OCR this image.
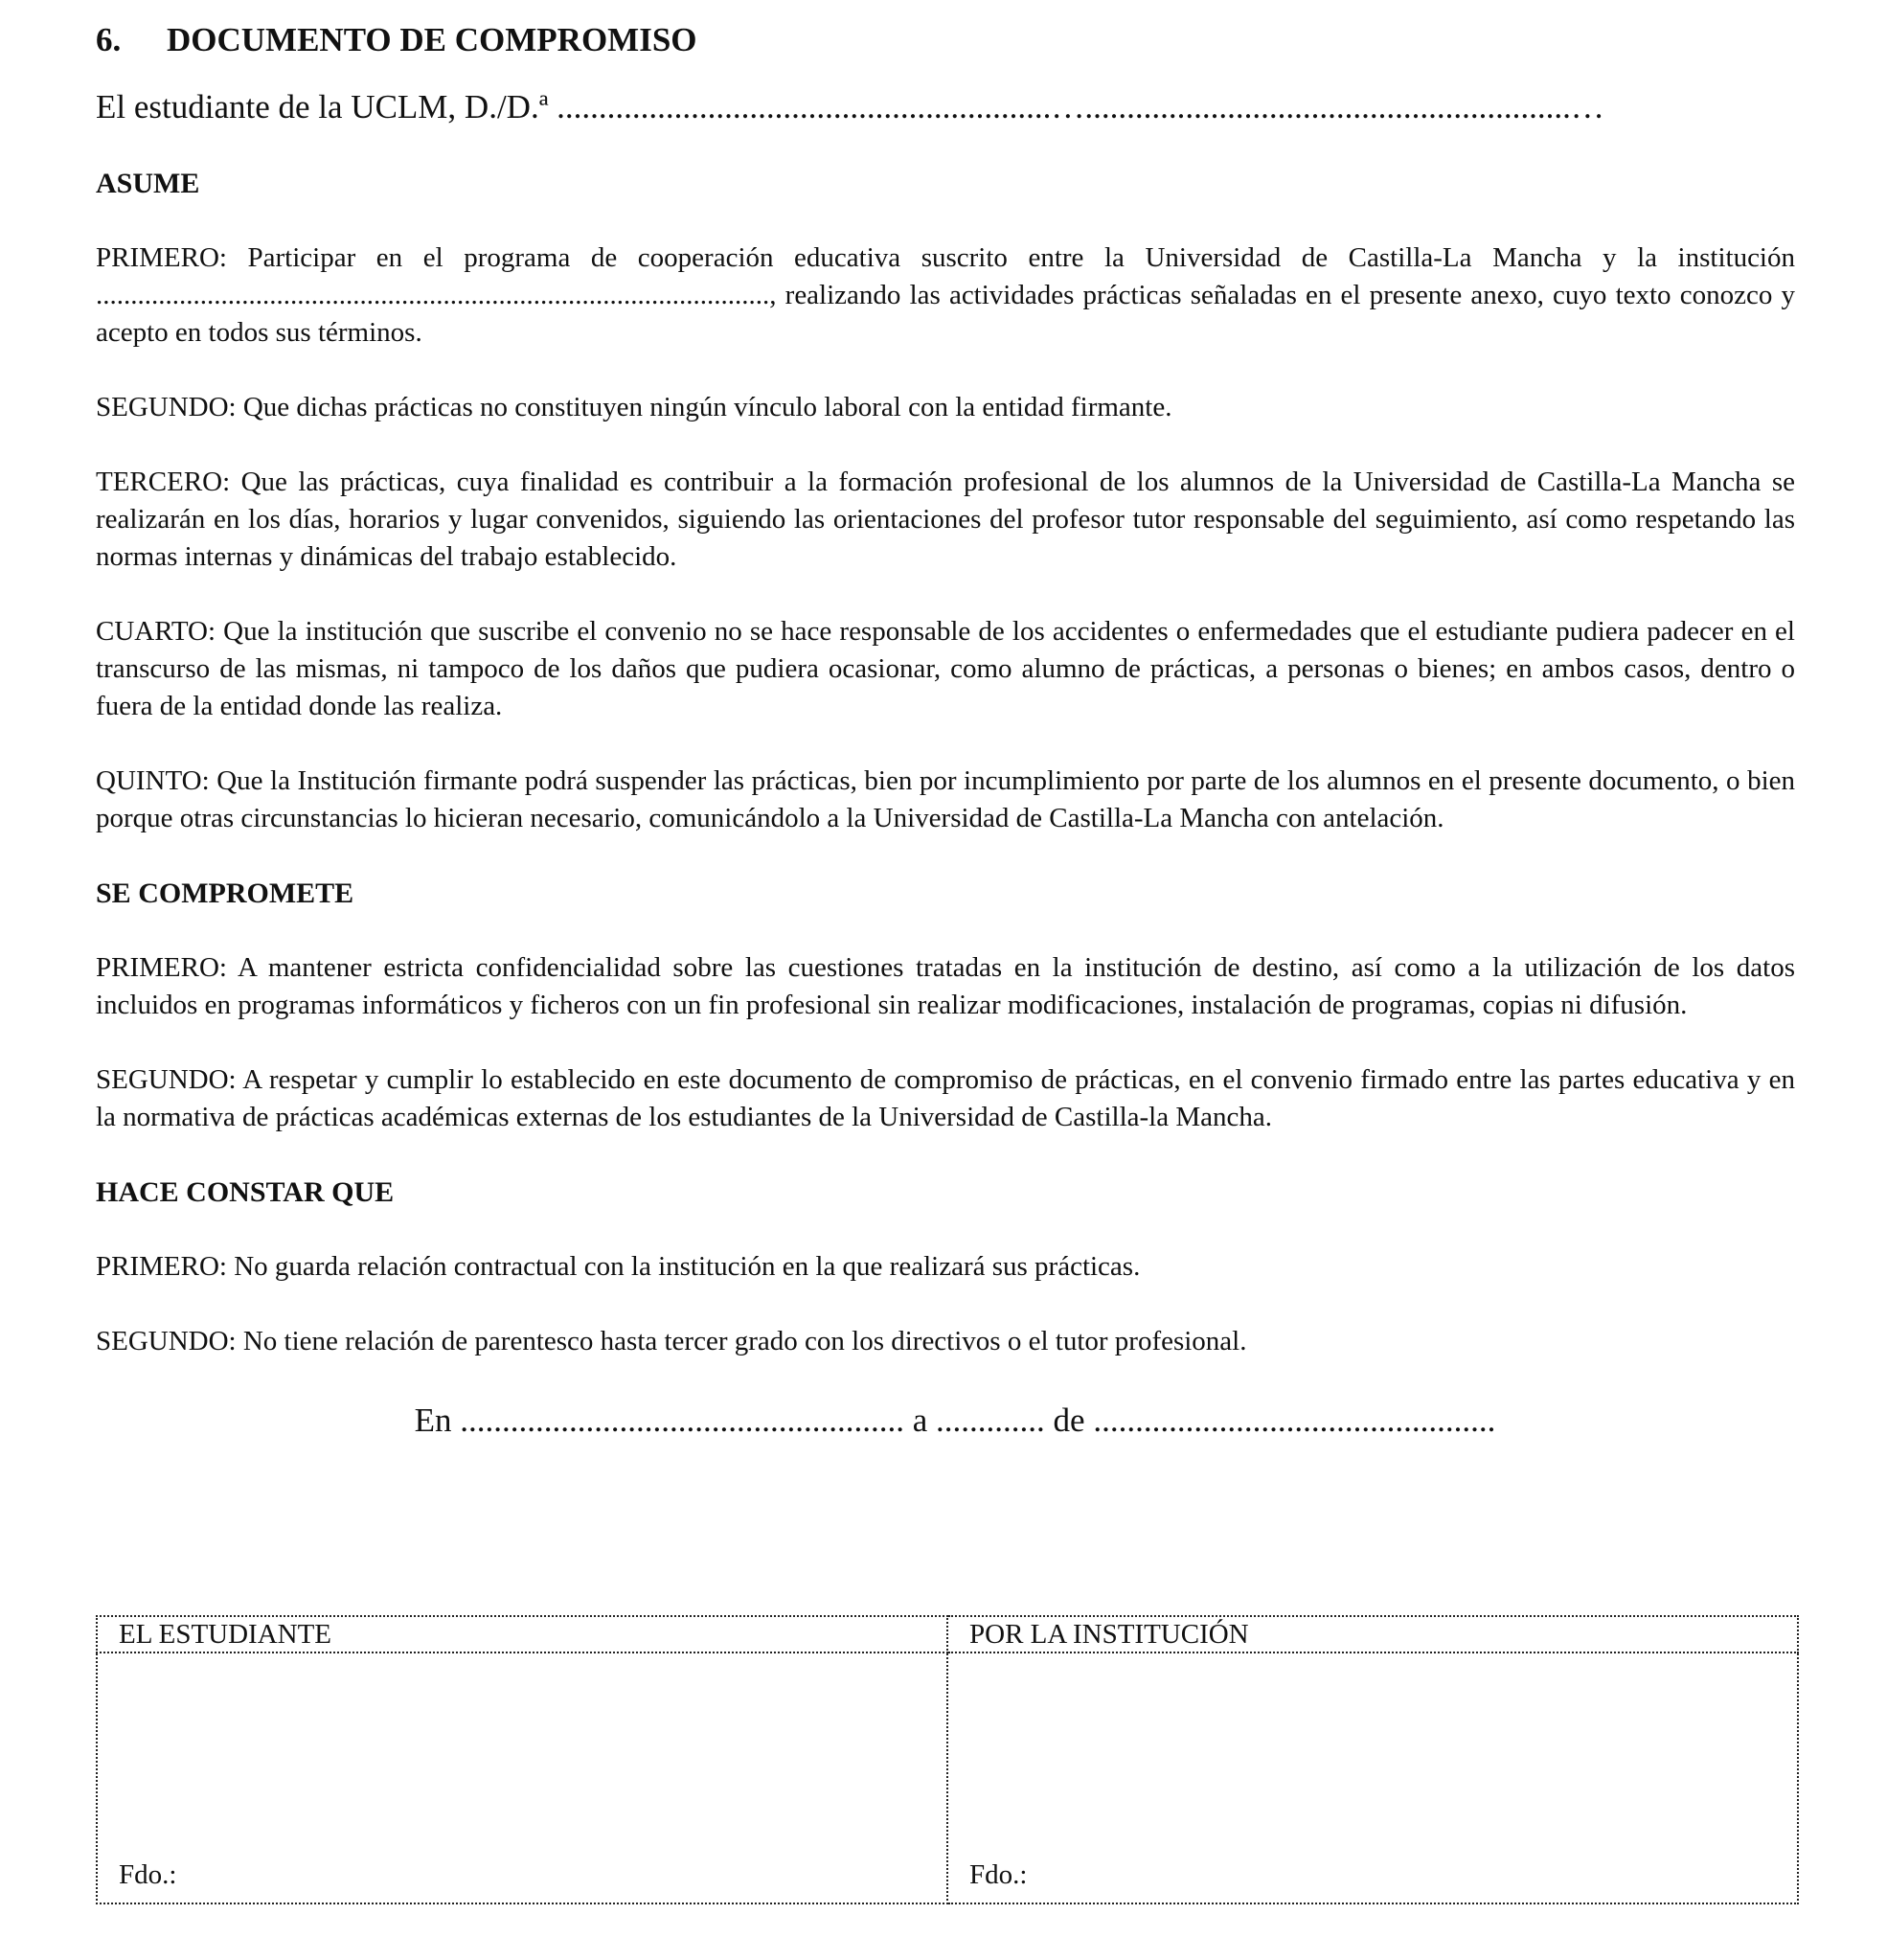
6. DOCUMENTO DE COMPROMISO
El estudiante de la UCLM, D./D.ª ...........................................................…..........................................................…
ASUME

PRIMERO: Participar en el programa de cooperación educativa suscrito entre la Universidad de Castilla-La Mancha y la institución ................................................................................................., realizando las actividades prácticas señaladas en el presente anexo, cuyo texto conozco y acepto en todos sus términos.

SEGUNDO: Que dichas prácticas no constituyen ningún vínculo laboral con la entidad firmante.

TERCERO: Que las prácticas, cuya finalidad es contribuir a la formación profesional de los alumnos de la Universidad de Castilla-La Mancha se realizarán en los días, horarios y lugar convenidos, siguiendo las orientaciones del profesor tutor responsable del seguimiento, así como respetando las normas internas y dinámicas del trabajo establecido.

CUARTO: Que la institución que suscribe el convenio no se hace responsable de los accidentes o enfermedades que el estudiante pudiera padecer en el transcurso de las mismas, ni tampoco de los daños que pudiera ocasionar, como alumno de prácticas, a personas o bienes; en ambos casos, dentro o fuera de la entidad donde las realiza.

QUINTO: Que la Institución firmante podrá suspender las prácticas, bien por incumplimiento por parte de los alumnos en el presente documento, o bien porque otras circunstancias lo hicieran necesario, comunicándolo a la Universidad de Castilla-La Mancha con antelación.

SE COMPROMETE

PRIMERO: A mantener estricta confidencialidad sobre las cuestiones tratadas en la institución de destino, así como a la utilización de los datos incluidos en programas informáticos y ficheros con un fin profesional sin realizar modificaciones, instalación de programas, copias ni difusión.

SEGUNDO: A respetar y cumplir lo establecido en este documento de compromiso de prácticas, en el convenio firmado entre las partes educativa y en la normativa de prácticas académicas externas de los estudiantes de la Universidad de Castilla-la Mancha.

HACE CONSTAR QUE

PRIMERO: No guarda relación contractual con la institución en la que realizará sus prácticas.

SEGUNDO: No tiene relación de parentesco hasta tercer grado con los directivos o el tutor profesional.

En ..................................................... a ............. de ................................................
EL ESTUDIANTE	POR LA INSTITUCIÓN
Fdo.:	Fdo.:
